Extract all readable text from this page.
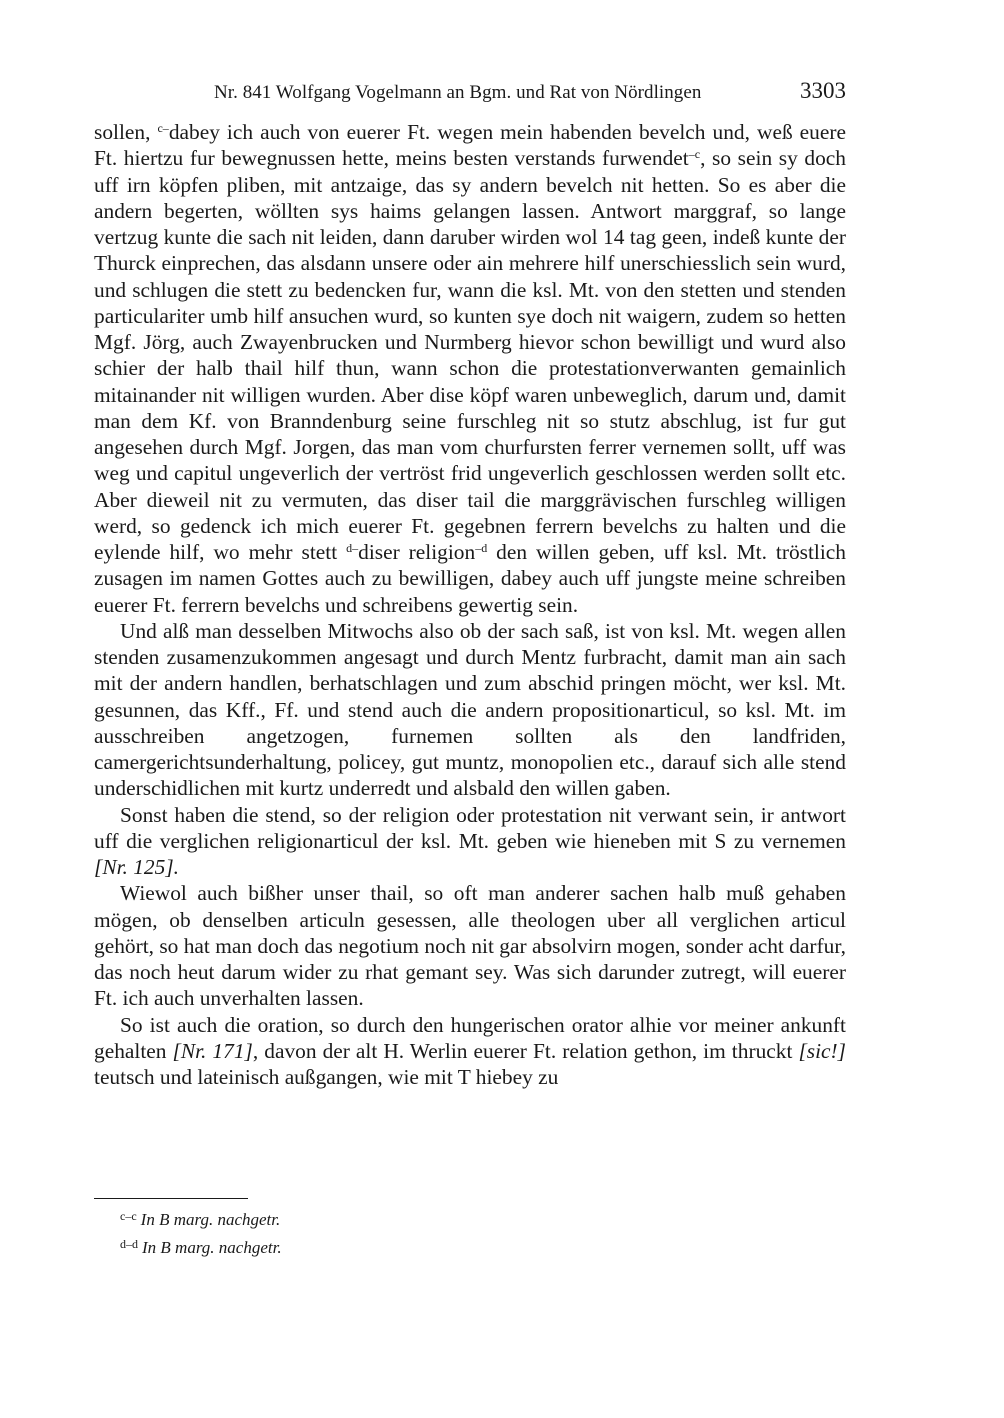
Nr. 841 Wolfgang Vogelmann an Bgm. und Rat von Nördlingen	3303

sollen, $^{c-}$dabey ich auch von euerer Ft. wegen mein habenden bevelch und, weß euere Ft. hiertzu fur bewegnussen hette, meins besten verstands furwendet$^{-c}$, so sein sy doch uff irn köpfen pliben, mit antzaige, das sy andern bevelch nit hetten. So es aber die andern begerten, wöllten sys haims gelangen lassen. Antwort marggraf, so lange vertzug kunte die sach nit leiden, dann daruber wirden wol 14 tag geen, indeß kunte der Thurck einprechen, das alsdann unsere oder ain mehrere hilf unerschiesslich sein wurd, und schlugen die stett zu bedencken fur, wann die ksl. Mt. von den stetten und stenden particulariter umb hilf ansuchen wurd, so kunten sye doch nit waigern, zudem so hetten Mgf. Jörg, auch Zwayenbrucken und Nurmberg hievor schon bewilligt und wurd also schier der halb thail hilf thun, wann schon die protestationverwanten gemainlich mitainander nit willigen wurden. Aber dise köpf waren unbeweglich, darum und, damit man dem Kf. von Branndenburg seine furschleg nit so stutz abschlug, ist fur gut angesehen durch Mgf. Jorgen, das man vom churfursten ferrer vernemen sollt, uff was weg und capitul ungeverlich der vertröst frid ungeverlich geschlossen werden sollt etc. Aber dieweil nit zu vermuten, das diser tail die marggrävischen furschleg willigen werd, so gedenck ich mich euerer Ft. gegebnen ferrern bevelchs zu halten und die eylende hilf, wo mehr stett $^{d-}$diser religion$^{-d}$ den willen geben, uff ksl. Mt. tröstlich zusagen im namen Gottes auch zu bewilligen, dabey auch uff jungste meine schreiben euerer Ft. ferrern bevelchs und schreibens gewertig sein.

Und alß man desselben Mitwochs also ob der sach saß, ist von ksl. Mt. wegen allen stenden zusamenzukommen angesagt und durch Mentz furbracht, damit man ain sach mit der andern handlen, berhatschlagen und zum abschid pringen möcht, wer ksl. Mt. gesunnen, das Kff., Ff. und stend auch die andern propositionarticul, so ksl. Mt. im ausschreiben angetzogen, furnemen sollten als den landfriden, camergerichtsunderhaltung, policey, gut muntz, monopolien etc., darauf sich alle stend underschidlichen mit kurtz underredt und alsbald den willen gaben.

Sonst haben die stend, so der religion oder protestation nit verwant sein, ir antwort uff die verglichen religionarticul der ksl. Mt. geben wie hieneben mit S zu vernemen [Nr. 125].

Wiewol auch bißher unser thail, so oft man anderer sachen halb muß gehaben mögen, ob denselben articuln gesessen, alle theologen uber all verglichen articul gehört, so hat man doch das negotium noch nit gar absolvirn mogen, sonder acht darfur, das noch heut darum wider zu rhat gemant sey. Was sich darunder zutregt, will euerer Ft. ich auch unverhalten lassen.

So ist auch die oration, so durch den hungerischen orator alhie vor meiner ankunft gehalten [Nr. 171], davon der alt H. Werlin euerer Ft. relation gethon, im thruckt [sic!] teutsch und lateinisch außgangen, wie mit T hiebey zu

$^{c-c}$ In B marg. nachgetr.
$^{d-d}$ In B marg. nachgetr.
